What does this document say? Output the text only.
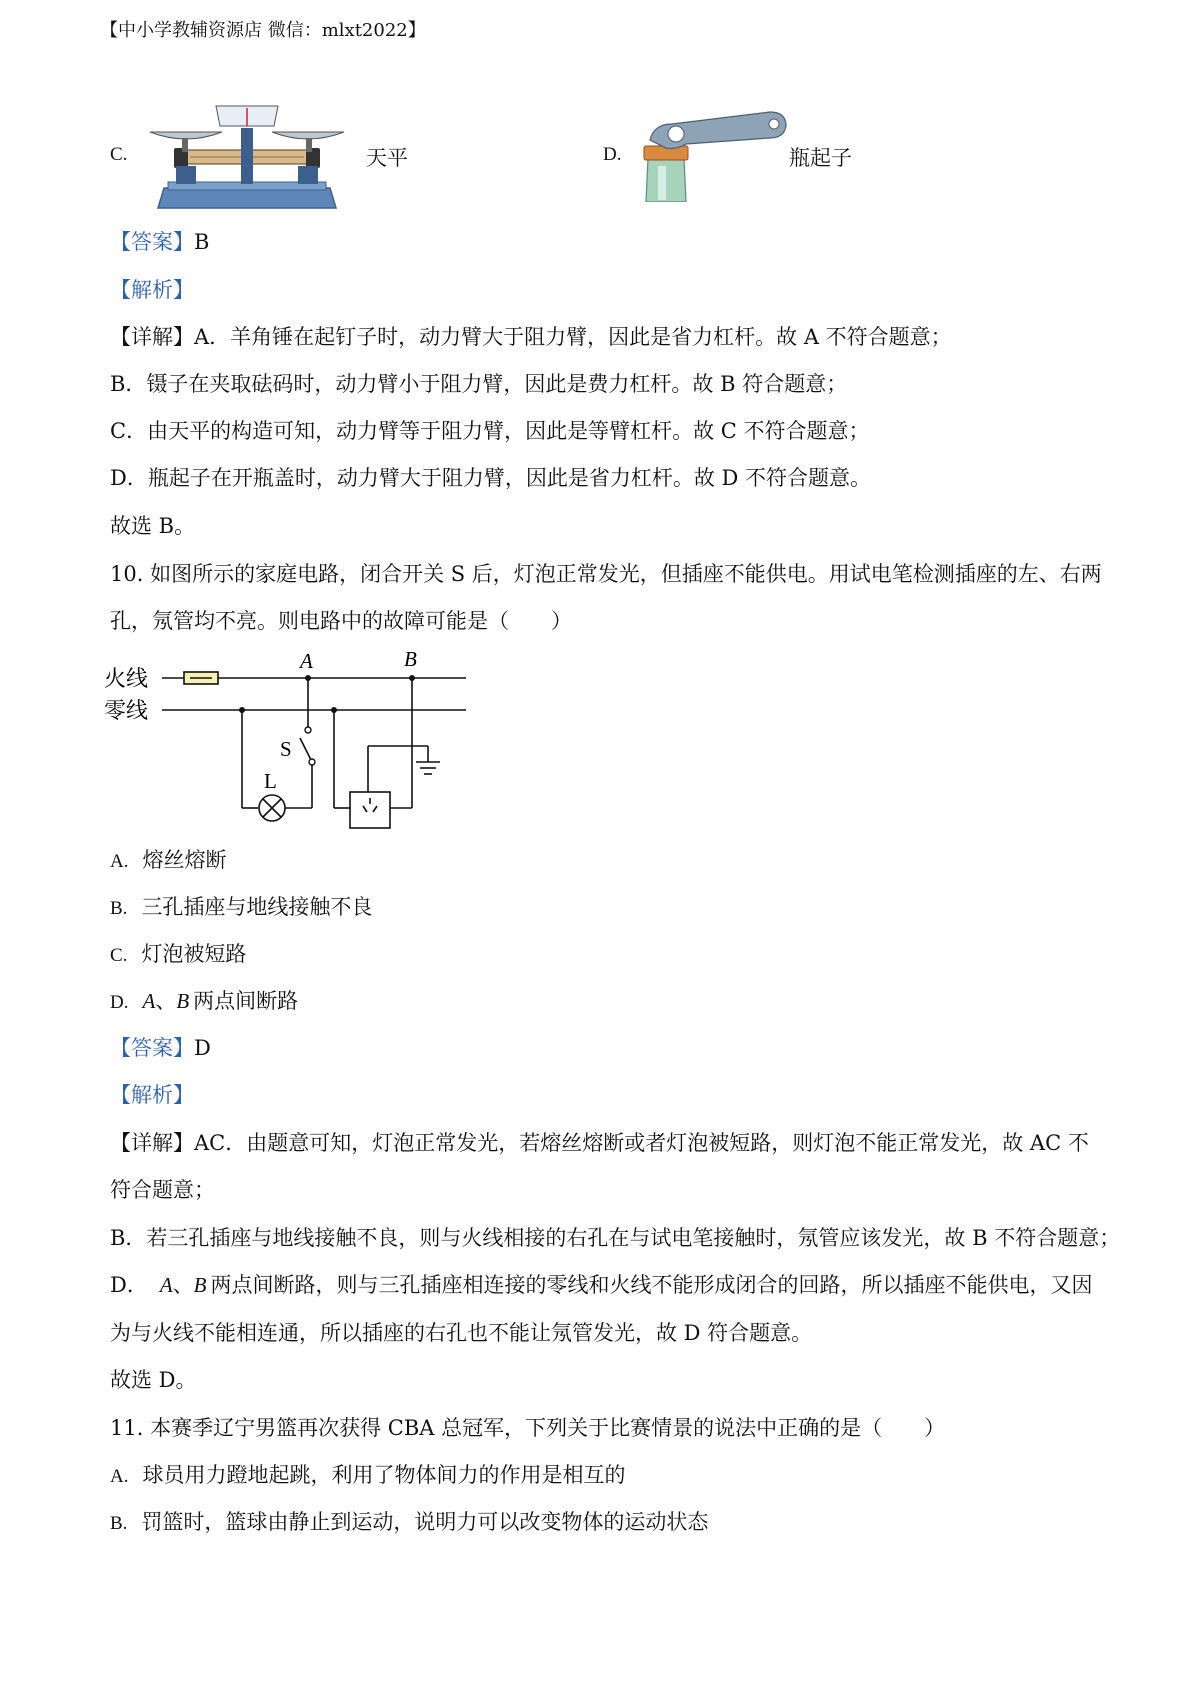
【中小学教辅资源店 微信：mlxt2022】
C.	天平	D.	瓶起子
【答案】B
【解析】
【详解】A．羊角锤在起钉子时，动力臂大于阻力臂，因此是省力杠杆。故 A 不符合题意；
B．镊子在夹取砝码时，动力臂小于阻力臂，因此是费力杠杆。故 B 符合题意；
C．由天平的构造可知，动力臂等于阻力臂，因此是等臂杠杆。故 C 不符合题意；
D．瓶起子在开瓶盖时，动力臂大于阻力臂，因此是省力杠杆。故 D 不符合题意。
故选 B。
10. 如图所示的家庭电路，闭合开关 S 后，灯泡正常发光，但插座不能供电。用试电笔检测插座的左、右两
孔，氖管均不亮。则电路中的故障可能是（　　）
火线
零线
A	B
S
L
A. 熔丝熔断
B. 三孔插座与地线接触不良
C. 灯泡被短路
D. A、B 两点间断路
【答案】D
【解析】
【详解】AC．由题意可知，灯泡正常发光，若熔丝熔断或者灯泡被短路，则灯泡不能正常发光，故 AC 不
符合题意；
B．若三孔插座与地线接触不良，则与火线相接的右孔在与试电笔接触时，氖管应该发光，故 B 不符合题意；
D． A、B 两点间断路，则与三孔插座相连接的零线和火线不能形成闭合的回路，所以插座不能供电，又因
为与火线不能相连通，所以插座的右孔也不能让氖管发光，故 D 符合题意。
故选 D。
11. 本赛季辽宁男篮再次获得 CBA 总冠军，下列关于比赛情景的说法中正确的是（　　）
A. 球员用力蹬地起跳，利用了物体间力的作用是相互的
B. 罚篮时，篮球由静止到运动，说明力可以改变物体的运动状态
